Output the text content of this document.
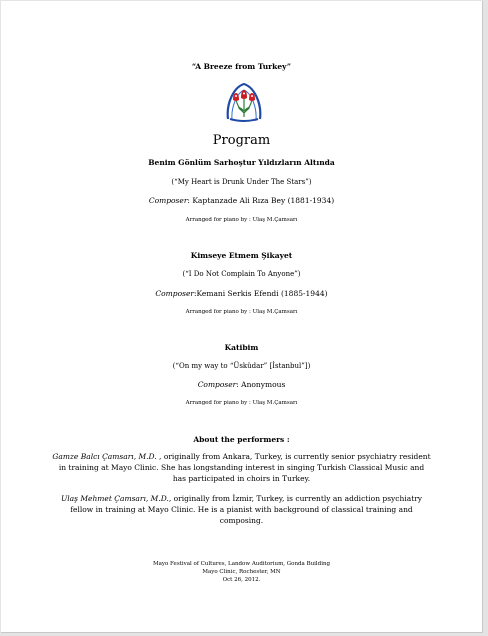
“A Breeze from Turkey”
Program
Benim Gönlüm Sarhoştur Yıldızların Altında
(“My Heart is Drunk Under The Stars”)
Composer: Kaptanzade Ali Rıza Bey (1881-1934)
Arranged for piano by : Ulaş M.Çamsarı
Kimseye Etmem Şikayet
(“I Do Not Complain To Anyone”)
Composer:Kemani Serkis Efendi (1885-1944)
Arranged for piano by : Ulaş M.Çamsarı
Katibim
(“On my way to “Üsküdar” [İstanbul”])
Composer: Anonymous
Arranged for piano by : Ulaş M.Çamsarı
About the performers :
Gamze Balcı Çamsarı, M.D. , originally from Ankara, Turkey, is currently senior psychiatry resident
in training at Mayo Clinic. She has longstanding interest in singing Turkish Classical Music and
has participated in choirs in Turkey.
Ulaş Mehmet Çamsarı, M.D., originally from İzmir, Turkey, is currently an addiction psychiatry
fellow in training at Mayo Clinic. He is a pianist with background of classical training and
composing.
Mayo Festival of Cultures, Landow Auditorium, Gonda Building
Mayo Clinic, Rochester, MN
Oct 26, 2012.
